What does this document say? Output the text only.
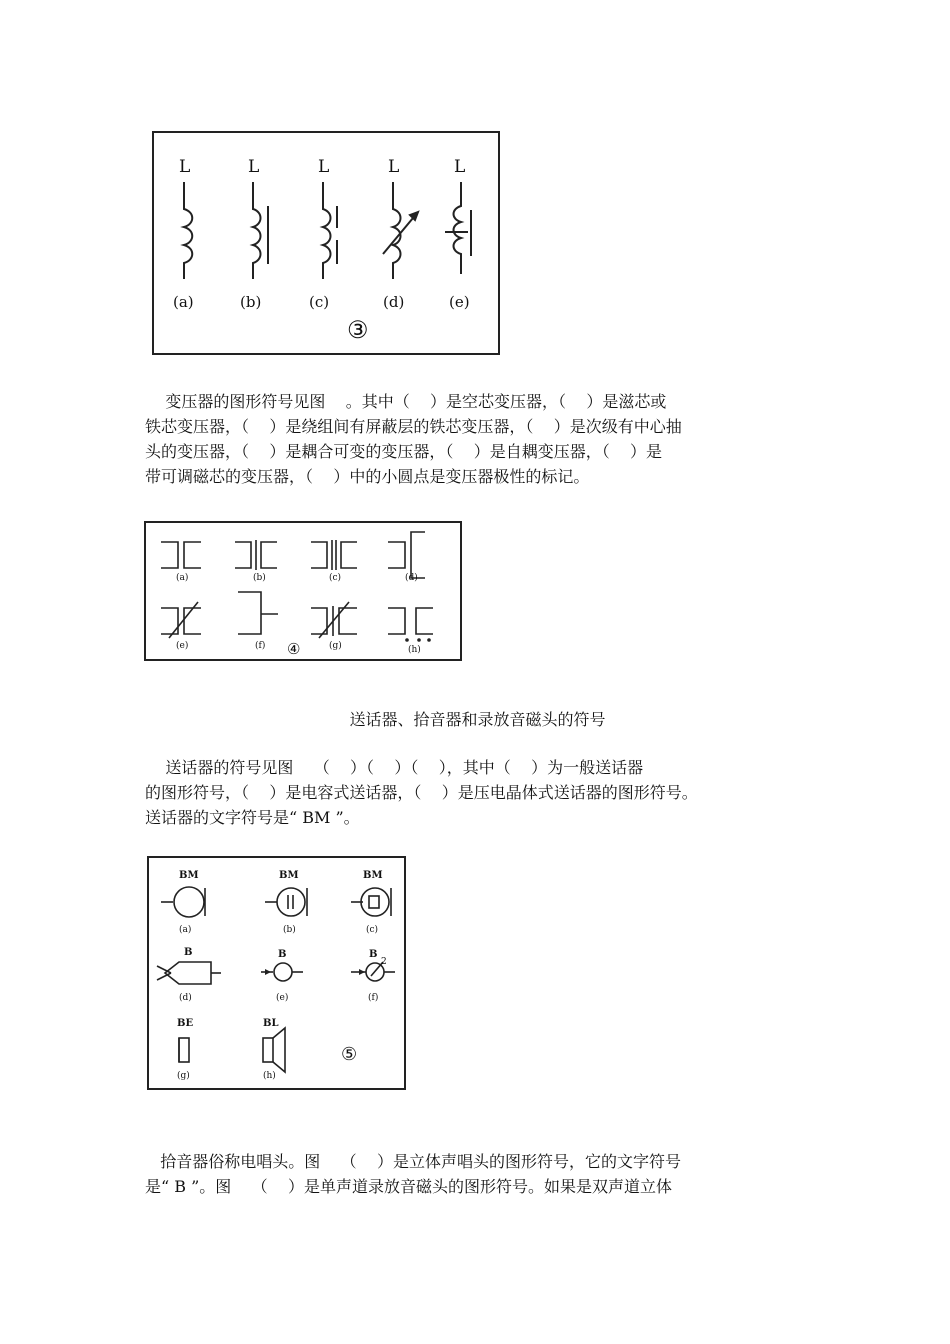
L	L	L	L	L
(a)	(b)	(c)	(d)	(e)
③
变压器的图形符号见图    。其中（    ）是空芯变压器，（    ）是滋芯或
铁芯变压器，（    ）是绕组间有屏蔽层的铁芯变压器，（    ）是次级有中心抽
头的变压器，（    ）是耦合可变的变压器，（    ）是自耦变压器，（    ）是
带可调磁芯的变压器，（    ）中的小圆点是变压器极性的标记。
(a)	(b)	(c)	(d)
(e)	(f)	(g)	(h)
④
送话器、拾音器和录放音磁头的符号
送话器的符号见图    （    ）（    ）（    ），其中（    ）为一般送话器
的图形符号，（    ）是电容式送话器，（    ）是压电晶体式送话器的图形符号。
送话器的文字符号是“ BM ”。
BM	BM	BM
B	B	B
2
BE	BL
(a)	(b)	(c)
(d)	(e)	(f)
(g)	(h)
⑤
拾音器俗称电唱头。图    （    ）是立体声唱头的图形符号，它的文字符号
是“ B ”。图    （    ）是单声道录放音磁头的图形符号。如果是双声道立体
